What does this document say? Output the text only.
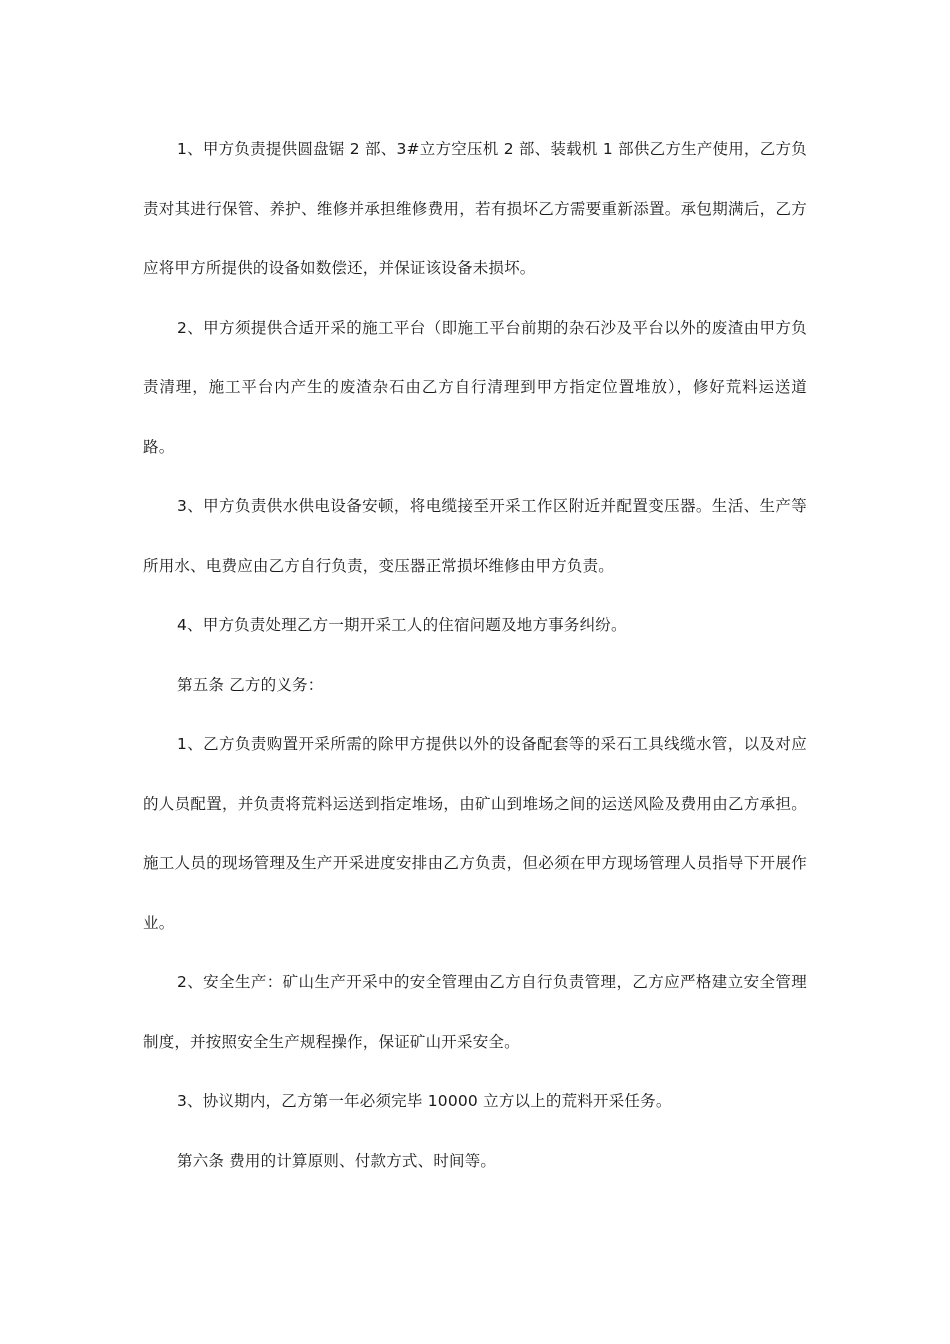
1、甲方负责提供圆盘锯 2 部、3#立方空压机 2 部、装载机 1 部供乙方生产使用，乙方负责对其进行保管、养护、维修并承担维修费用，若有损坏乙方需要重新添置。承包期满后，乙方应将甲方所提供的设备如数偿还，并保证该设备未损坏。

2、甲方须提供合适开采的施工平台（即施工平台前期的杂石沙及平台以外的废渣由甲方负责清理，施工平台内产生的废渣杂石由乙方自行清理到甲方指定位置堆放），修好荒料运送道路。

3、甲方负责供水供电设备安顿，将电缆接至开采工作区附近并配置变压器。生活、生产等所用水、电费应由乙方自行负责，变压器正常损坏维修由甲方负责。

4、甲方负责处理乙方一期开采工人的住宿问题及地方事务纠纷。

第五条 乙方的义务：

1、乙方负责购置开采所需的除甲方提供以外的设备配套等的采石工具线缆水管，以及对应的人员配置，并负责将荒料运送到指定堆场，由矿山到堆场之间的运送风险及费用由乙方承担。施工人员的现场管理及生产开采进度安排由乙方负责，但必须在甲方现场管理人员指导下开展作业。

2、安全生产：矿山生产开采中的安全管理由乙方自行负责管理，乙方应严格建立安全管理制度，并按照安全生产规程操作，保证矿山开采安全。

3、协议期内，乙方第一年必须完毕 10000 立方以上的荒料开采任务。

第六条 费用的计算原则、付款方式、时间等。
